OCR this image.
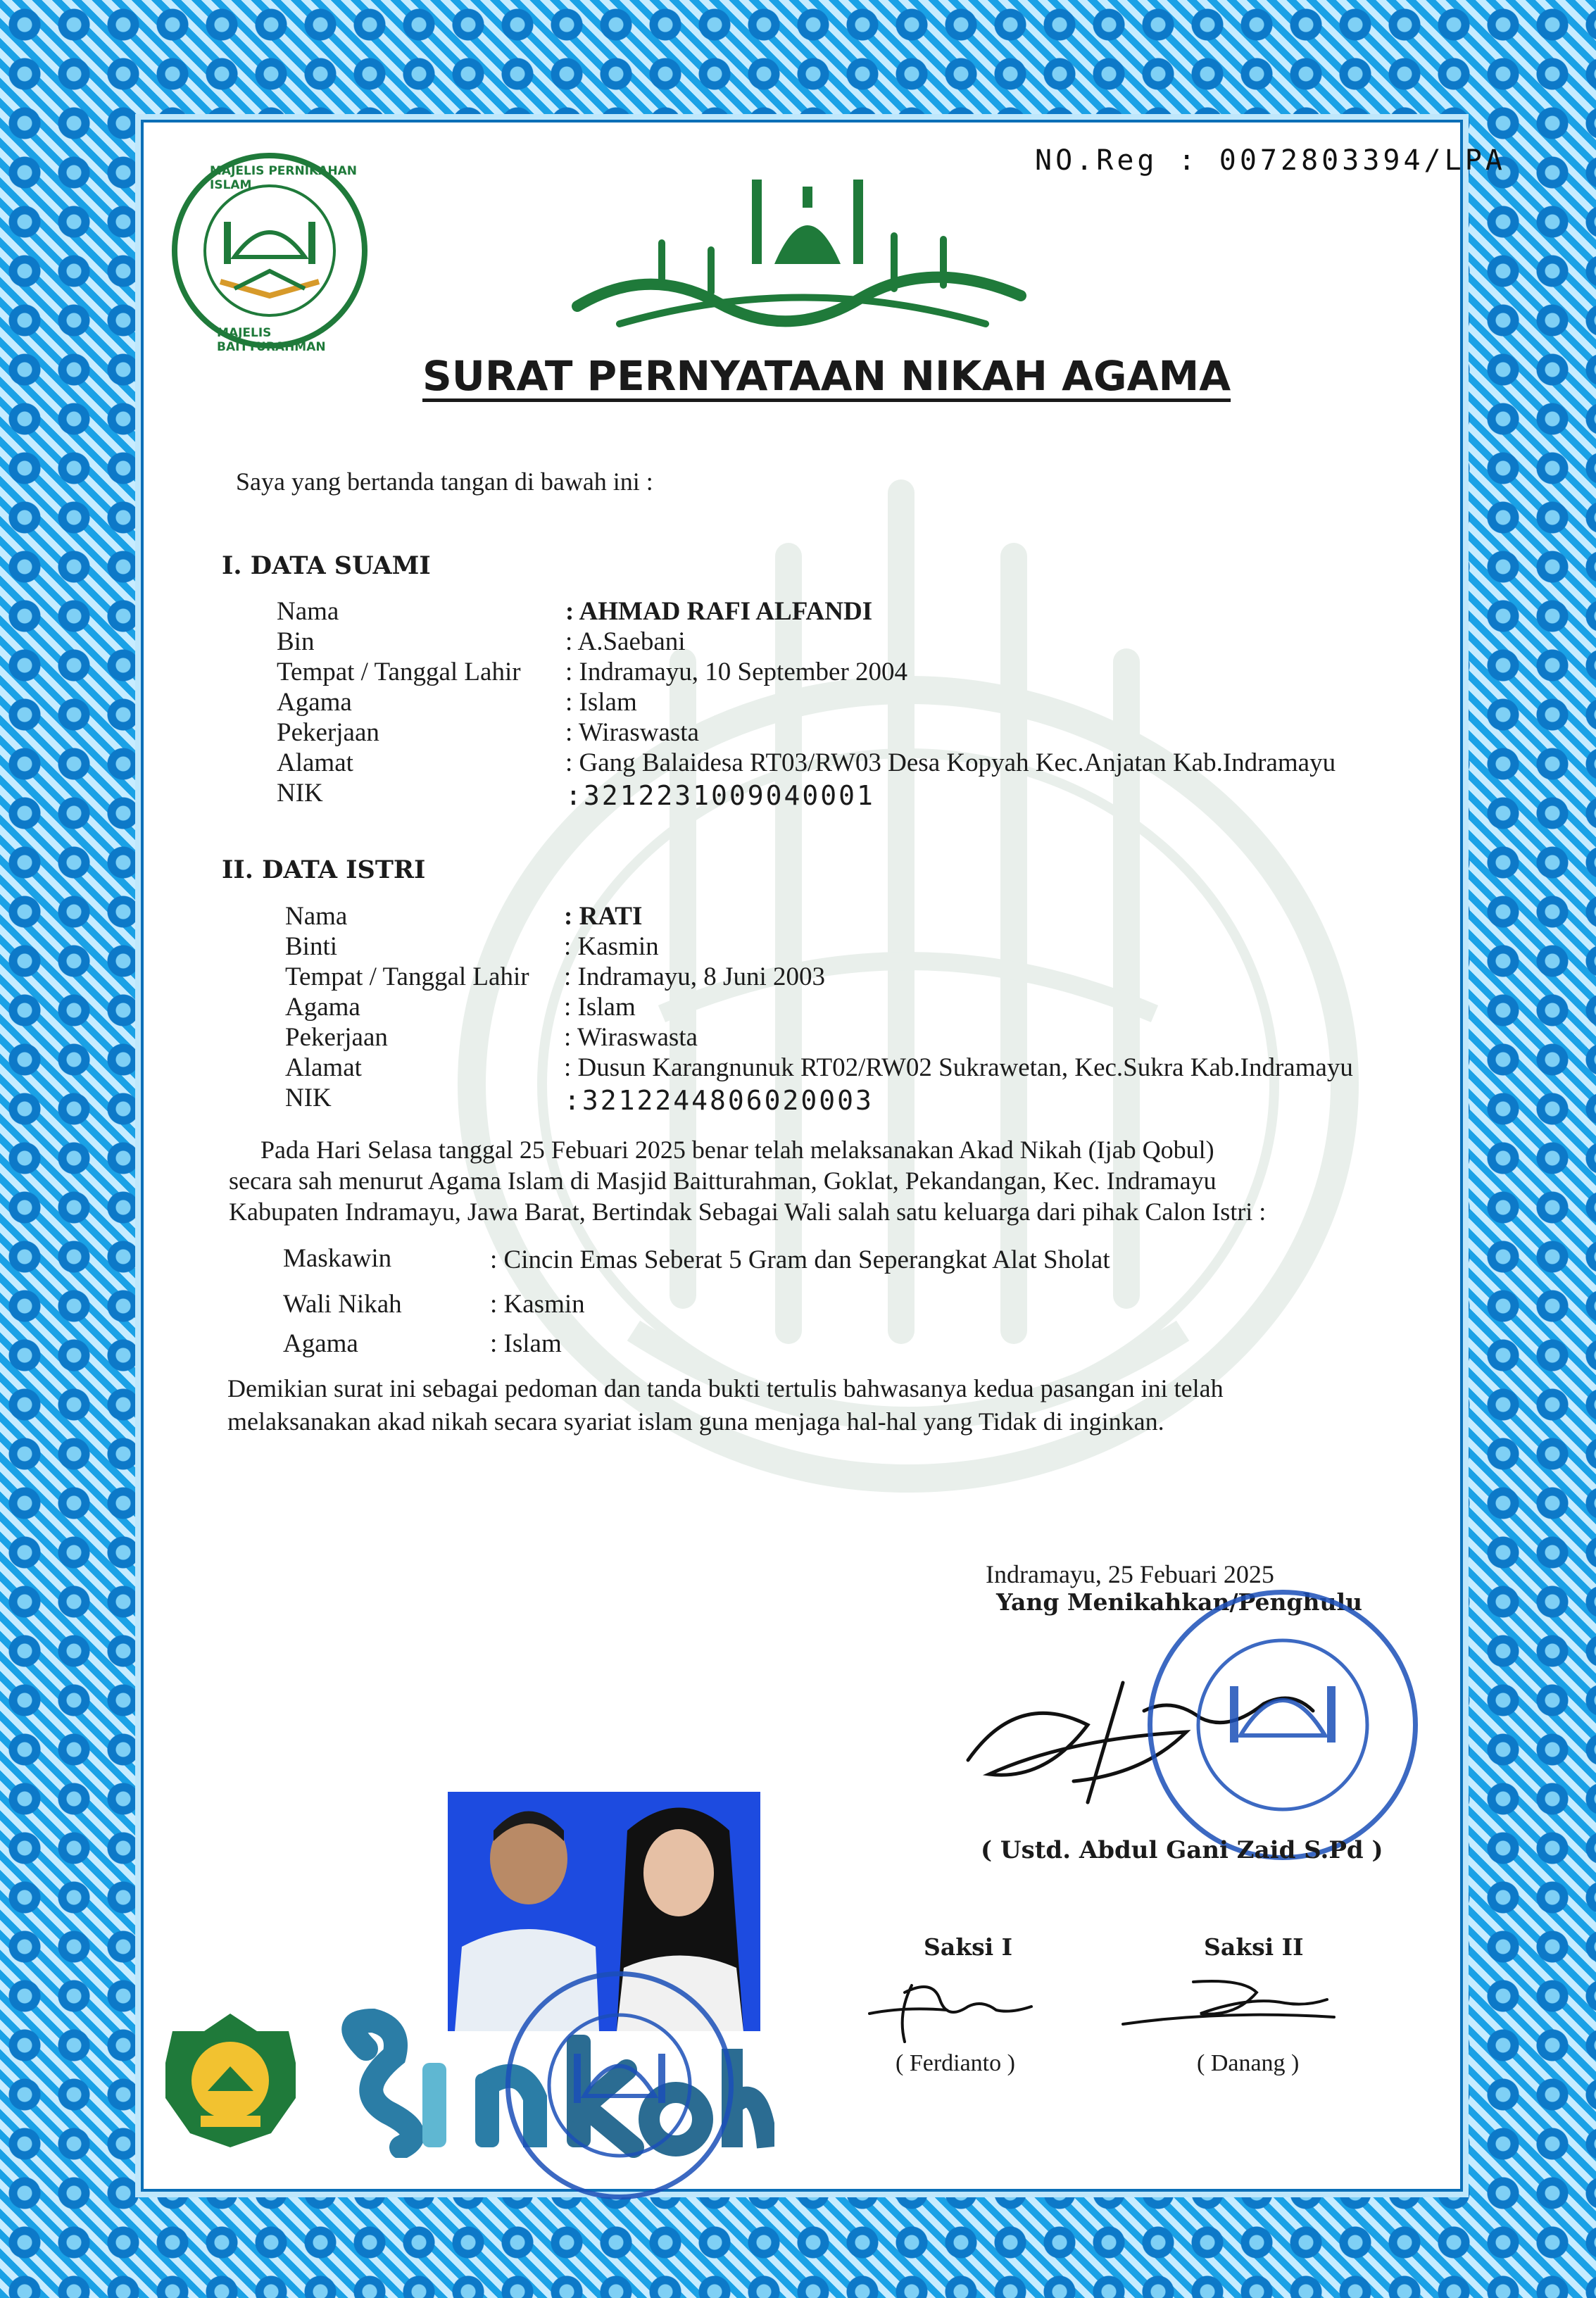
MAJELIS PERNIKAHAN ISLAM
MAJELIS BAITTURAHMAN
NO.Reg : 0072803394/LPA
SURAT PERNYATAAN NIKAH AGAMA
Saya yang bertanda tangan di bawah ini :
I. DATA SUAMI
Nama	: AHMAD RAFI ALFANDI
Bin	: A.Saebani
Tempat / Tanggal Lahir : Indramayu, 10 September 2004
Agama	: Islam
Pekerjaan	: Wiraswasta
Alamat	: Gang Balaidesa RT03/RW03 Desa Kopyah Kec.Anjatan Kab.Indramayu
NIK	:3212231009040001
II. DATA ISTRI
Nama	: RATI
Binti	: Kasmin
Tempat / Tanggal Lahir : Indramayu, 8 Juni 2003
Agama	: Islam
Pekerjaan	: Wiraswasta
Alamat	: Dusun Karangnunuk RT02/RW02 Sukrawetan, Kec.Sukra Kab.Indramayu
NIK	:3212244806020003
Pada Hari Selasa tanggal 25 Febuari 2025 benar telah melaksanakan Akad Nikah (Ijab Qobul)
secara sah menurut Agama Islam di Masjid Baitturahman, Goklat, Pekandangan, Kec. Indramayu
Kabupaten Indramayu, Jawa Barat, Bertindak Sebagai Wali salah satu keluarga dari pihak Calon Istri :
Maskawin	: Cincin Emas Seberat 5 Gram dan Seperangkat Alat Sholat
Wali Nikah	: Kasmin
Agama	: Islam
Demikian surat ini sebagai pedoman dan tanda bukti tertulis bahwasanya kedua pasangan ini telah
melaksanakan akad nikah secara syariat islam guna menjaga hal-hal yang Tidak di inginkan.
Indramayu, 25 Febuari 2025
Yang Menikahkan/Penghulu
( Ustd. Abdul Gani Zaid S.Pd )
Saksi I	Saksi II
( Ferdianto )	( Danang )
